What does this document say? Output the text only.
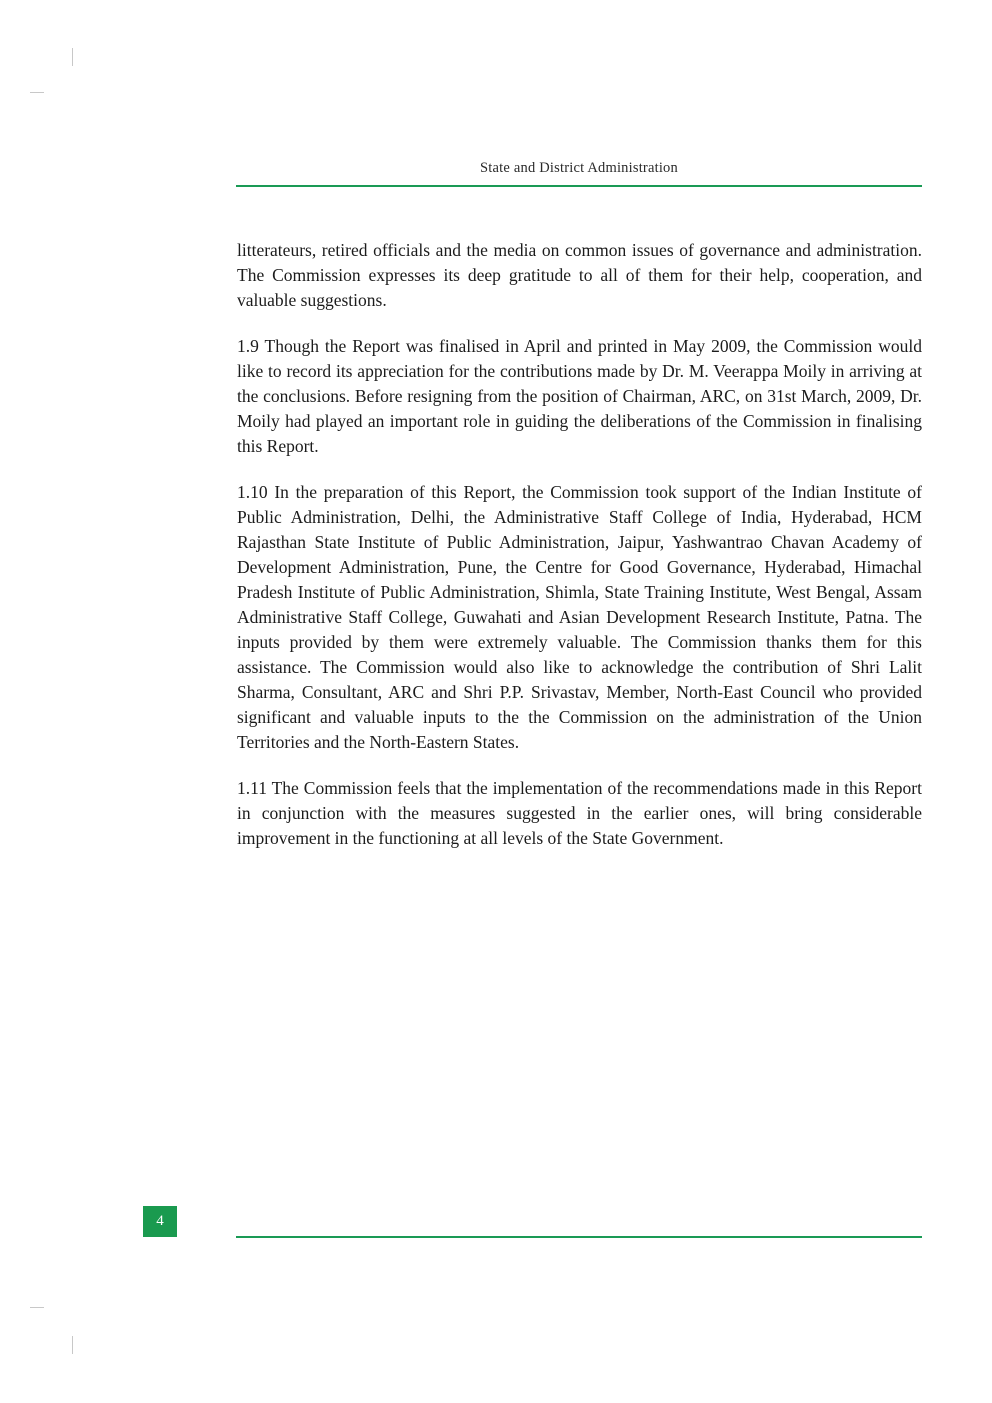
State and District Administration

litterateurs, retired officials and the media on common issues of governance and administration. The Commission expresses its deep gratitude to all of them for their help, cooperation, and valuable suggestions.

1.9 Though the Report was finalised in April and printed in May 2009, the Commission would like to record its appreciation for the contributions made by Dr. M. Veerappa Moily in arriving at the conclusions. Before resigning from the position of Chairman, ARC, on 31st March, 2009, Dr. Moily had played an important role in guiding the deliberations of the Commission in finalising this Report.

1.10 In the preparation of this Report, the Commission took support of the Indian Institute of Public Administration, Delhi, the Administrative Staff College of India, Hyderabad, HCM Rajasthan State Institute of Public Administration, Jaipur, Yashwantrao Chavan Academy of Development Administration, Pune, the Centre for Good Governance, Hyderabad, Himachal Pradesh Institute of Public Administration, Shimla, State Training Institute, West Bengal, Assam Administrative Staff College, Guwahati and Asian Development Research Institute, Patna. The inputs provided by them were extremely valuable. The Commission thanks them for this assistance. The Commission would also like to acknowledge the contribution of Shri Lalit Sharma, Consultant, ARC and Shri P.P. Srivastav, Member, North-East Council who provided significant and valuable inputs to the the Commission on the administration of the Union Territories and the North-Eastern States.

1.11 The Commission feels that the implementation of the recommendations made in this Report in conjunction with the measures suggested in the earlier ones, will bring considerable improvement in the functioning at all levels of the State Government.

4
